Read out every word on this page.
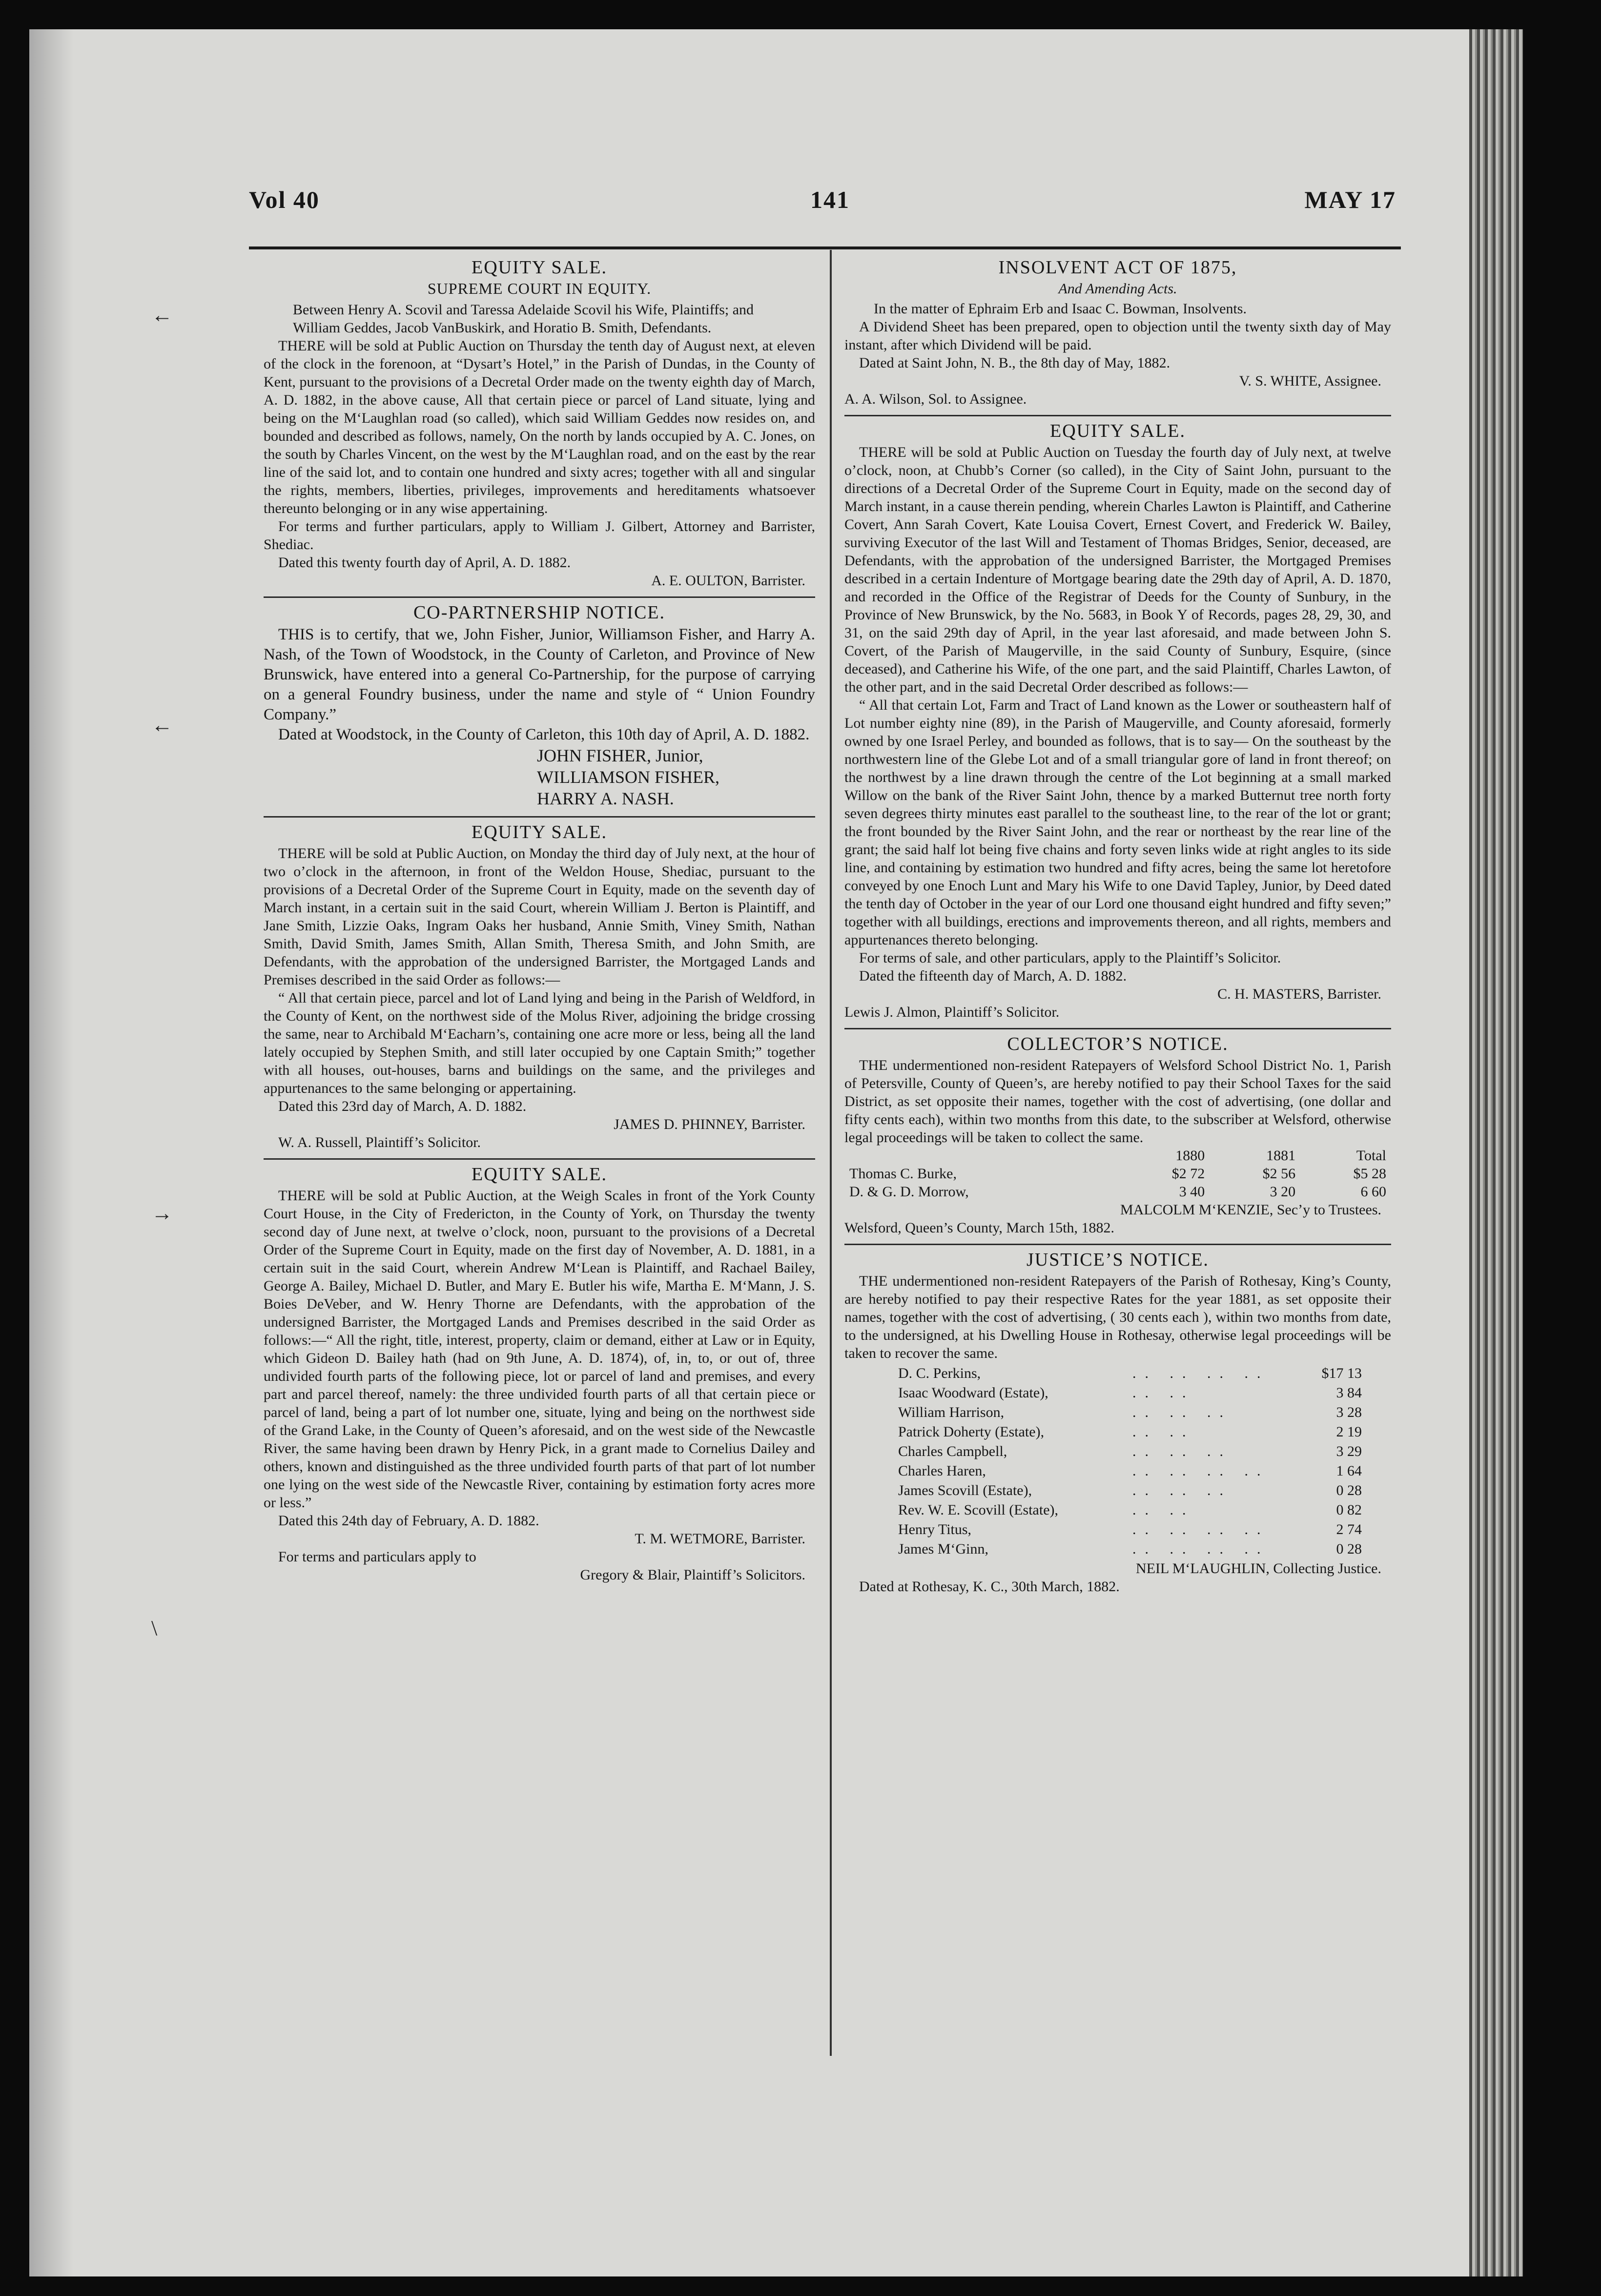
←
←
→
\
Vol 40	141	MAY 17
EQUITY SALE.
SUPREME COURT IN EQUITY.

Between Henry A. Scovil and Taressa Adelaide Scovil his Wife, Plaintiffs; and

William Geddes, Jacob VanBuskirk, and Horatio B. Smith, Defendants.

THERE will be sold at Public Auction on Thursday the tenth day of August next, at eleven of the clock in the forenoon, at “Dysart’s Hotel,” in the Parish of Dundas, in the County of Kent, pursuant to the provisions of a Decretal Order made on the twenty eighth day of March, A. D. 1882, in the above cause, All that certain piece or parcel of Land situate, lying and being on the M‘Laughlan road (so called), which said William Geddes now resides on, and bounded and described as follows, namely, On the north by lands occupied by A. C. Jones, on the south by Charles Vincent, on the west by the M‘Laughlan road, and on the east by the rear line of the said lot, and to contain one hundred and sixty acres; together with all and singular the rights, members, liberties, privileges, improvements and hereditaments whatsoever thereunto belonging or in any wise appertaining.

For terms and further particulars, apply to William J. Gilbert, Attorney and Barrister, Shediac.

Dated this twenty fourth day of April, A. D. 1882.

A. E. OULTON, Barrister.

CO-PARTNERSHIP NOTICE.

THIS is to certify, that we, John Fisher, Junior, Williamson Fisher, and Harry A. Nash, of the Town of Woodstock, in the County of Carleton, and Province of New Brunswick, have entered into a general Co-Partnership, for the purpose of carrying on a general Foundry business, under the name and style of “ Union Foundry Company.”

Dated at Woodstock, in the County of Carleton, this 10th day of April, A. D. 1882.

JOHN FISHER, Junior,
WILLIAMSON FISHER,
HARRY A. NASH.
EQUITY SALE.

THERE will be sold at Public Auction, on Monday the third day of July next, at the hour of two o’clock in the afternoon, in front of the Weldon House, Shediac, pursuant to the provisions of a Decretal Order of the Supreme Court in Equity, made on the seventh day of March instant, in a certain suit in the said Court, wherein William J. Berton is Plaintiff, and Jane Smith, Lizzie Oaks, Ingram Oaks her husband, Annie Smith, Viney Smith, Nathan Smith, David Smith, James Smith, Allan Smith, Theresa Smith, and John Smith, are Defendants, with the approbation of the undersigned Barrister, the Mortgaged Lands and Premises described in the said Order as follows:—

“ All that certain piece, parcel and lot of Land lying and being in the Parish of Weldford, in the County of Kent, on the northwest side of the Molus River, adjoining the bridge crossing the same, near to Archibald M‘Eacharn’s, containing one acre more or less, being all the land lately occupied by Stephen Smith, and still later occupied by one Captain Smith;” together with all houses, out-houses, barns and buildings on the same, and the privileges and appurtenances to the same belonging or appertaining.

Dated this 23rd day of March, A. D. 1882.

JAMES D. PHINNEY, Barrister.

W. A. Russell, Plaintiff’s Solicitor.

EQUITY SALE.

THERE will be sold at Public Auction, at the Weigh Scales in front of the York County Court House, in the City of Fredericton, in the County of York, on Thursday the twenty second day of June next, at twelve o’clock, noon, pursuant to the provisions of a Decretal Order of the Supreme Court in Equity, made on the first day of November, A. D. 1881, in a certain suit in the said Court, wherein Andrew M‘Lean is Plaintiff, and Rachael Bailey, George A. Bailey, Michael D. Butler, and Mary E. Butler his wife, Martha E. M‘Mann, J. S. Boies DeVeber, and W. Henry Thorne are Defendants, with the approbation of the undersigned Barrister, the Mortgaged Lands and Premises described in the said Order as follows:—“ All the right, title, interest, property, claim or demand, either at Law or in Equity, which Gideon D. Bailey hath (had on 9th June, A. D. 1874), of, in, to, or out of, three undivided fourth parts of the following piece, lot or parcel of land and premises, and every part and parcel thereof, namely: the three undivided fourth parts of all that certain piece or parcel of land, being a part of lot number one, situate, lying and being on the northwest side of the Grand Lake, in the County of Queen’s aforesaid, and on the west side of the Newcastle River, the same having been drawn by Henry Pick, in a grant made to Cornelius Dailey and others, known and distinguished as the three undivided fourth parts of that part of lot number one lying on the west side of the Newcastle River, containing by estimation forty acres more or less.”

Dated this 24th day of February, A. D. 1882.

T. M. WETMORE, Barrister.

For terms and particulars apply to

Gregory & Blair, Plaintiff’s Solicitors.

INSOLVENT ACT OF 1875,
And Amending Acts.

In the matter of Ephraim Erb and Isaac C. Bowman, Insolvents.

A Dividend Sheet has been prepared, open to objection until the twenty sixth day of May instant, after which Dividend will be paid.

Dated at Saint John, N. B., the 8th day of May, 1882.

V. S. WHITE, Assignee.

A. A. Wilson, Sol. to Assignee.

EQUITY SALE.

THERE will be sold at Public Auction on Tuesday the fourth day of July next, at twelve o’clock, noon, at Chubb’s Corner (so called), in the City of Saint John, pursuant to the directions of a Decretal Order of the Supreme Court in Equity, made on the second day of March instant, in a cause therein pending, wherein Charles Lawton is Plaintiff, and Catherine Covert, Ann Sarah Covert, Kate Louisa Covert, Ernest Covert, and Frederick W. Bailey, surviving Executor of the last Will and Testament of Thomas Bridges, Senior, deceased, are Defendants, with the approbation of the undersigned Barrister, the Mortgaged Premises described in a certain Indenture of Mortgage bearing date the 29th day of April, A. D. 1870, and recorded in the Office of the Registrar of Deeds for the County of Sunbury, in the Province of New Brunswick, by the No. 5683, in Book Y of Records, pages 28, 29, 30, and 31, on the said 29th day of April, in the year last aforesaid, and made between John S. Covert, of the Parish of Maugerville, in the said County of Sunbury, Esquire, (since deceased), and Catherine his Wife, of the one part, and the said Plaintiff, Charles Lawton, of the other part, and in the said Decretal Order described as follows:—

“ All that certain Lot, Farm and Tract of Land known as the Lower or southeastern half of Lot number eighty nine (89), in the Parish of Maugerville, and County aforesaid, formerly owned by one Israel Perley, and bounded as follows, that is to say— On the southeast by the northwestern line of the Glebe Lot and of a small triangular gore of land in front thereof; on the northwest by a line drawn through the centre of the Lot beginning at a small marked Willow on the bank of the River Saint John, thence by a marked Butternut tree north forty seven degrees thirty minutes east parallel to the southeast line, to the rear of the lot or grant; the front bounded by the River Saint John, and the rear or northeast by the rear line of the grant; the said half lot being five chains and forty seven links wide at right angles to its side line, and containing by estimation two hundred and fifty acres, being the same lot heretofore conveyed by one Enoch Lunt and Mary his Wife to one David Tapley, Junior, by Deed dated the tenth day of October in the year of our Lord one thousand eight hundred and fifty seven;” together with all buildings, erections and improvements thereon, and all rights, members and appurtenances thereto belonging.

For terms of sale, and other particulars, apply to the Plaintiff’s Solicitor.

Dated the fifteenth day of March, A. D. 1882.

C. H. MASTERS, Barrister.

Lewis J. Almon, Plaintiff’s Solicitor.

COLLECTOR’S NOTICE.

THE undermentioned non-resident Ratepayers of Welsford School District No. 1, Parish of Petersville, County of Queen’s, are hereby notified to pay their School Taxes for the said District, as set opposite their names, together with the cost of advertising, (one dollar and fifty cents each), within two months from this date, to the subscriber at Welsford, otherwise legal proceedings will be taken to collect the same.

	1880	1881	Total
Thomas C. Burke,	$2 72	$2 56	$5 28
D. & G. D. Morrow,	3 40	3 20	6 60

MALCOLM M‘KENZIE, Sec’y to Trustees.

Welsford, Queen’s County, March 15th, 1882.

JUSTICE’S NOTICE.

THE undermentioned non-resident Ratepayers of the Parish of Rothesay, King’s County, are hereby notified to pay their respective Rates for the year 1881, as set opposite their names, together with the cost of advertising, ( 30 cents each ), within two months from date, to the undersigned, at his Dwelling House in Rothesay, otherwise legal proceedings will be taken to recover the same.

D. C. Perkins,	.. .. .. ..	$17 13
Isaac Woodward (Estate),	.. ..	3 84
William Harrison,	.. .. ..	3 28
Patrick Doherty (Estate),	.. ..	2 19
Charles Campbell,	.. .. ..	3 29
Charles Haren,	.. .. .. ..	1 64
James Scovill (Estate),	.. .. ..	0 28
Rev. W. E. Scovill (Estate),	.. ..	0 82
Henry Titus,	.. .. .. ..	2 74
James M‘Ginn,	.. .. .. ..	0 28

NEIL M‘LAUGHLIN, Collecting Justice.

Dated at Rothesay, K. C., 30th March, 1882.
